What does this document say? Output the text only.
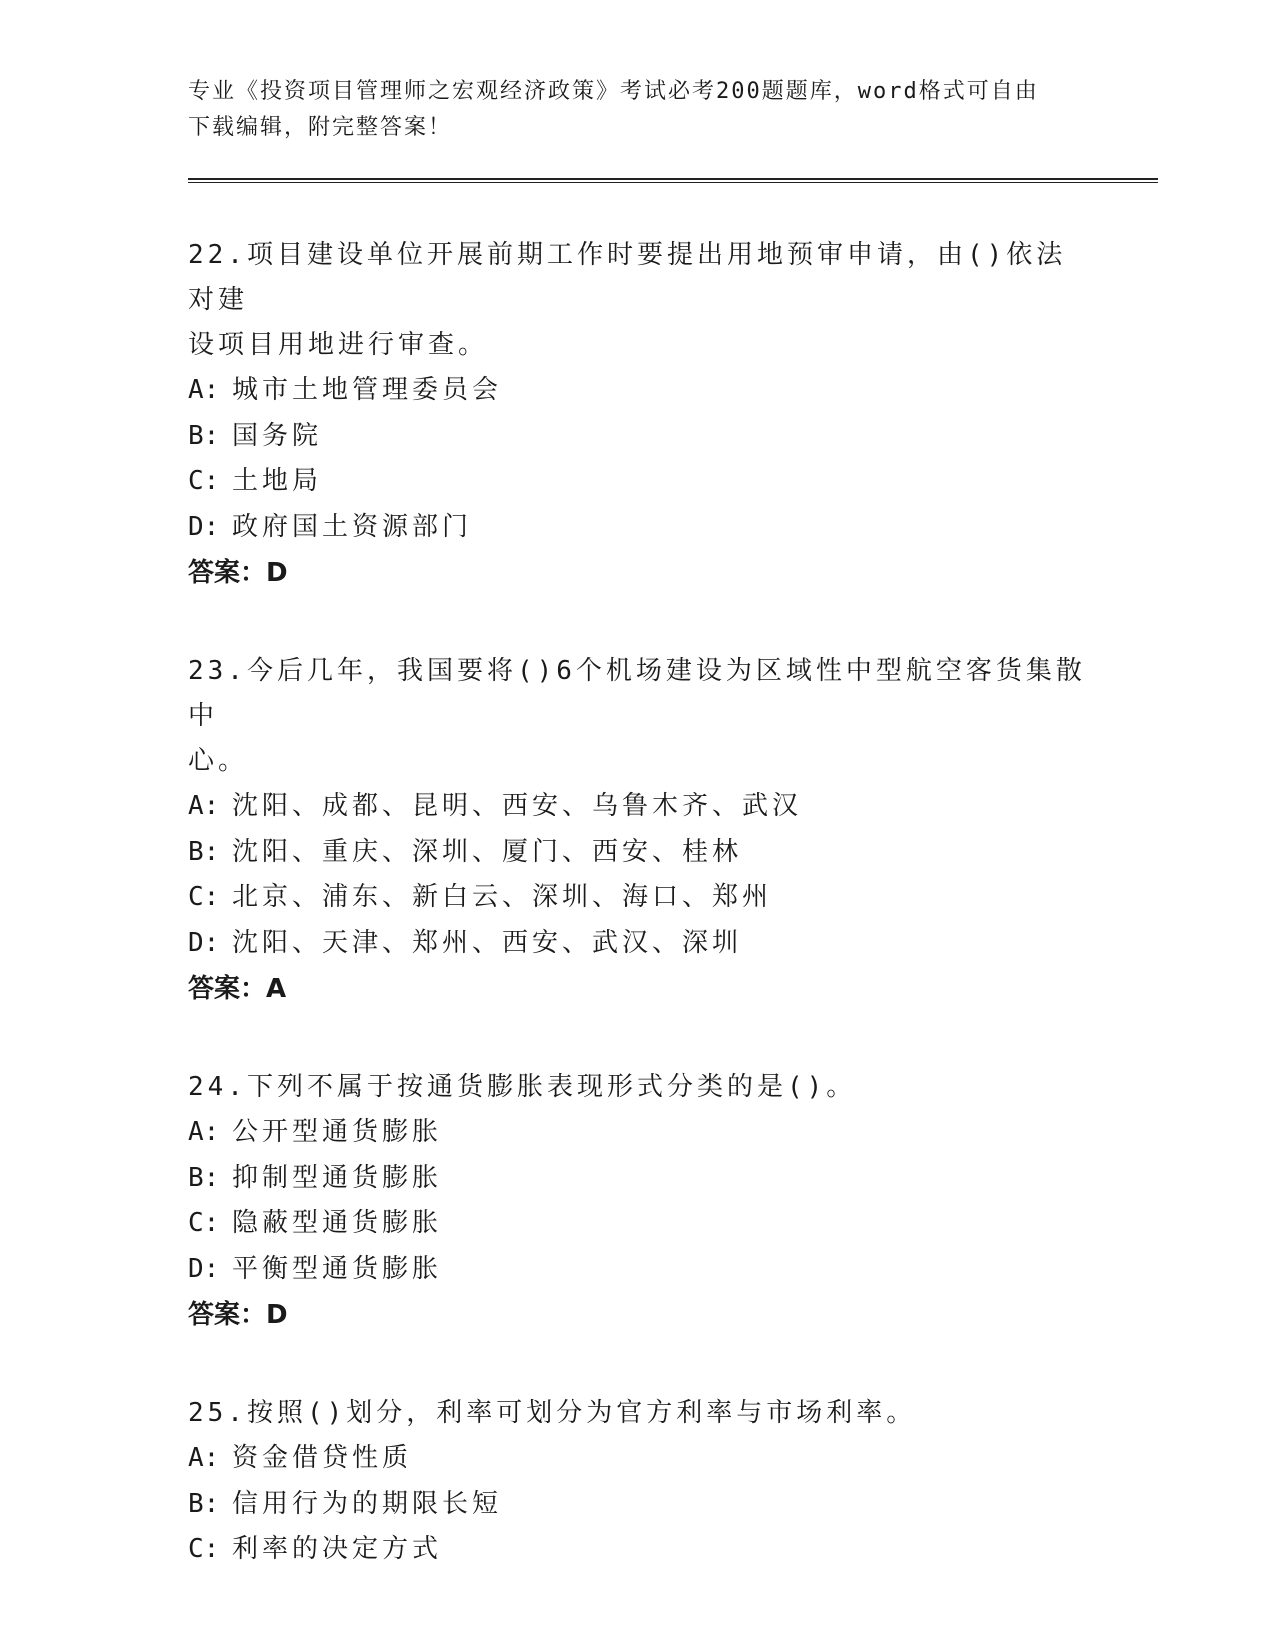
专业《投资项目管理师之宏观经济政策》考试必考200题题库，word格式可自由
下载编辑，附完整答案！
22.项目建设单位开展前期工作时要提出用地预审申请，由()依法对建
设项目用地进行审查。
A: 城市土地管理委员会
B: 国务院
C: 土地局
D: 政府国土资源部门
答案：D
23.今后几年，我国要将()6个机场建设为区域性中型航空客货集散中
心。
A: 沈阳、成都、昆明、西安、乌鲁木齐、武汉
B: 沈阳、重庆、深圳、厦门、西安、桂林
C: 北京、浦东、新白云、深圳、海口、郑州
D: 沈阳、天津、郑州、西安、武汉、深圳
答案：A
24.下列不属于按通货膨胀表现形式分类的是()。
A: 公开型通货膨胀
B: 抑制型通货膨胀
C: 隐蔽型通货膨胀
D: 平衡型通货膨胀
答案：D
25.按照()划分，利率可划分为官方利率与市场利率。
A: 资金借贷性质
B: 信用行为的期限长短
C: 利率的决定方式
